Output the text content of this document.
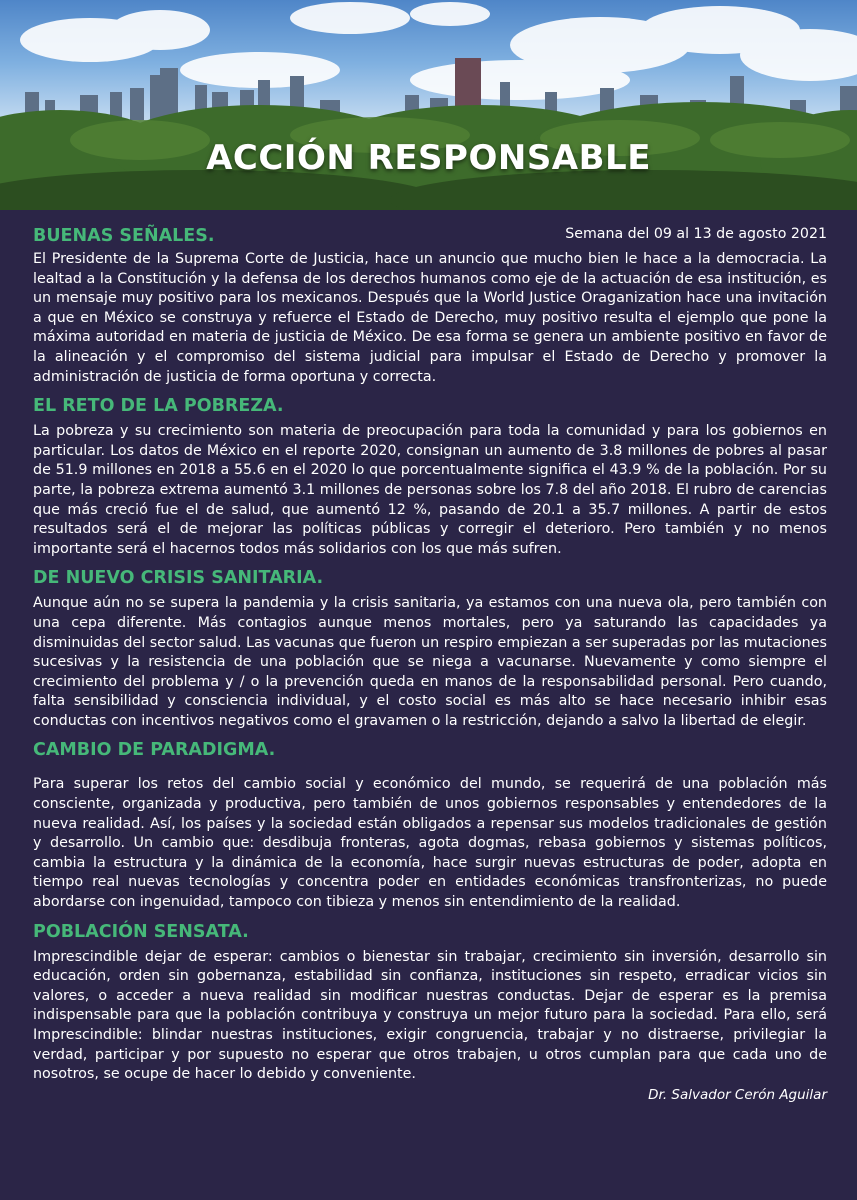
ACCIÓN RESPONSABLE
BUENAS SEÑALES.	Semana del 09 al 13 de agosto 2021

El Presidente de la Suprema Corte de Justicia, hace un anuncio que mucho bien le hace a la democracia. La lealtad a la Constitución y la defensa de los derechos humanos como eje de la actuación de esa institución, es un mensaje muy positivo para los mexicanos. Después que la World Justice Oraganization hace una invitación a que en México se construya y refuerce el Estado de Derecho, muy positivo resulta el ejemplo que pone la máxima autoridad en materia de justicia de México. De esa forma se genera un ambiente positivo en favor de la alineación y el compromiso del sistema judicial para impulsar el Estado de Derecho y promover la administración de justicia de forma oportuna y correcta.

EL RETO DE LA POBREZA.

La pobreza y su crecimiento son materia de preocupación para toda la comunidad y para los gobiernos en particular. Los datos de México en el reporte 2020, consignan un aumento de 3.8 millones de pobres al pasar de 51.9 millones en 2018 a 55.6 en el 2020 lo que porcentualmente significa el 43.9 % de la población. Por su parte, la pobreza extrema aumentó 3.1 millones de personas sobre los 7.8 del año 2018. El rubro de carencias que más creció fue el de salud, que aumentó 12 %, pasando de 20.1 a 35.7 millones. A partir de estos resultados será el de mejorar las políticas públicas y corregir el deterioro. Pero también y no menos importante será el hacernos todos más solidarios con los que más sufren.

DE NUEVO CRISIS SANITARIA.

Aunque aún no se supera la pandemia y la crisis sanitaria, ya estamos con una nueva ola, pero también con una cepa diferente. Más contagios aunque menos mortales, pero ya saturando las capacidades ya disminuidas del sector salud. Las vacunas que fueron un respiro empiezan a ser superadas por las mutaciones sucesivas y la resistencia de una población que se niega a vacunarse. Nuevamente y como siempre el crecimiento del problema y / o la prevención queda en manos de la responsabilidad personal. Pero cuando, falta sensibilidad y consciencia individual, y el costo social es más alto se hace necesario inhibir esas conductas con incentivos negativos como el gravamen o la restricción, dejando a salvo la libertad de elegir.

CAMBIO DE PARADIGMA.

Para superar los retos del cambio social y económico del mundo, se requerirá de una población más consciente, organizada y productiva, pero también de unos gobiernos responsables y entendedores de la nueva realidad. Así, los países y la sociedad están obligados a repensar sus modelos tradicionales de gestión y desarrollo. Un cambio que: desdibuja fronteras, agota dogmas, rebasa gobiernos y sistemas políticos, cambia la estructura y la dinámica de la economía, hace surgir nuevas estructuras de poder, adopta en tiempo real nuevas tecnologías y concentra poder en entidades económicas transfronterizas, no puede abordarse con ingenuidad, tampoco con tibieza y menos sin entendimiento de la realidad.

POBLACIÓN SENSATA.

Imprescindible dejar de esperar: cambios o bienestar sin trabajar, crecimiento sin inversión, desarrollo sin educación, orden sin gobernanza, estabilidad sin confianza, instituciones sin respeto, erradicar vicios sin valores, o acceder a nueva realidad sin modificar nuestras conductas. Dejar de esperar es la premisa indispensable para que la población contribuya y construya un mejor futuro para la sociedad. Para ello, será Imprescindible: blindar nuestras instituciones, exigir congruencia, trabajar y no distraerse, privilegiar la verdad, participar y por supuesto no esperar que otros trabajen, u otros cumplan para que cada uno de nosotros, se ocupe de hacer lo debido y conveniente.

Dr. Salvador Cerón Aguilar
